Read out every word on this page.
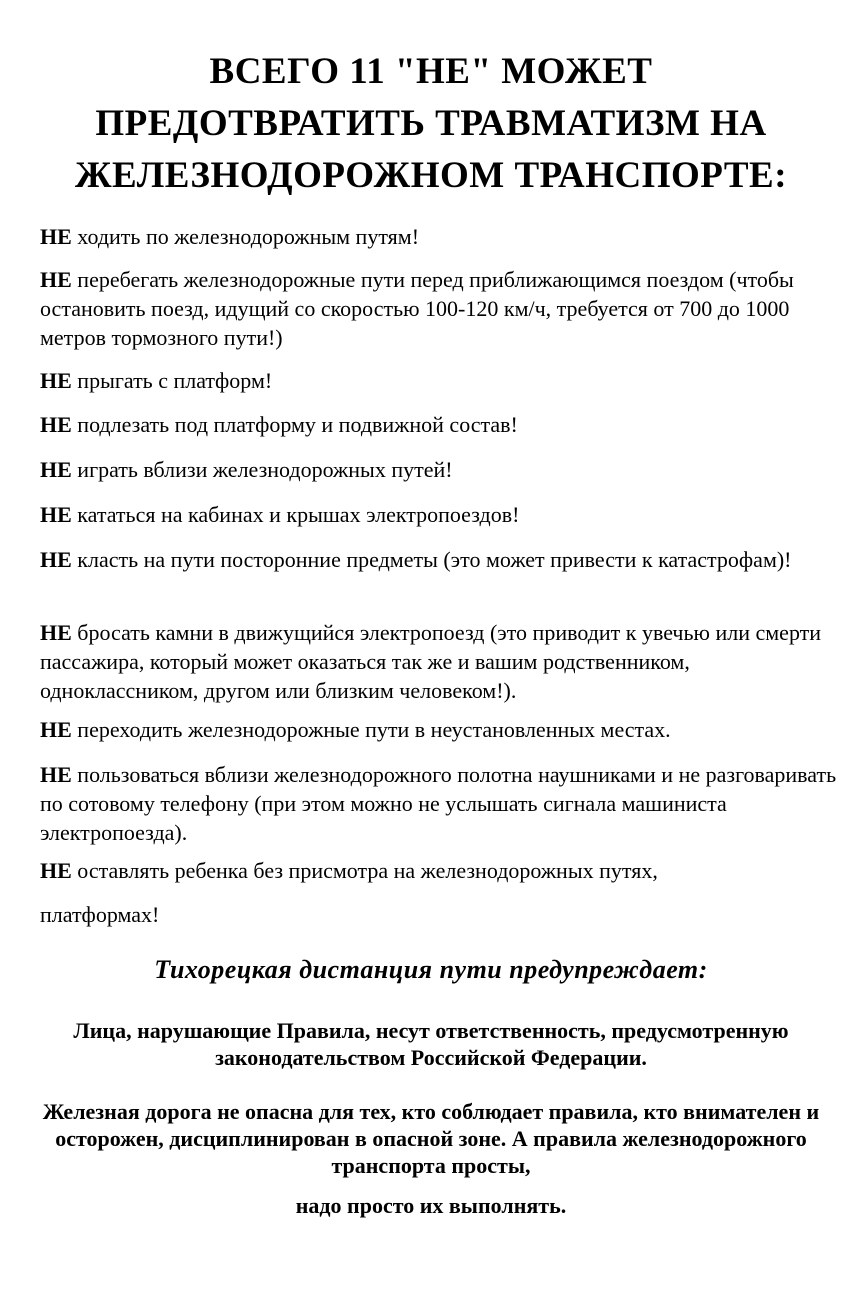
ВСЕГО 11 "НЕ" МОЖЕТ ПРЕДОТВРАТИТЬ ТРАВМАТИЗМ НА ЖЕЛЕЗНОДОРОЖНОМ ТРАНСПОРТЕ:
НЕ ходить по железнодорожным путям!
НЕ перебегать железнодорожные пути перед приближающимся поездом (чтобы остановить поезд, идущий со скоростью 100-120 км/ч, требуется от 700 до 1000 метров тормозного пути!)
НЕ прыгать с платформ!
НЕ подлезать под платформу и подвижной состав!
НЕ играть вблизи железнодорожных путей!
НЕ кататься на кабинах и крышах электропоездов!
НЕ класть на пути посторонние предметы (это может привести к катастрофам)!
НЕ бросать камни в движущийся электропоезд (это приводит к увечью или смерти пассажира, который может оказаться так же и вашим родственником, одноклассником, другом или близким человеком!).
НЕ переходить железнодорожные пути в неустановленных местах.
НЕ пользоваться вблизи железнодорожного полотна наушниками и не разговаривать по сотовому телефону (при этом можно не услышать сигнала машиниста электропоезда).
НЕ оставлять ребенка без присмотра на железнодорожных путях,
платформах!
Тихорецкая дистанция пути предупреждает:
Лица, нарушающие Правила, несут ответственность, предусмотренную законодательством Российской Федерации.
Железная дорога не опасна для тех, кто соблюдает правила, кто внимателен и осторожен, дисциплинирован в опасной зоне. А правила железнодорожного транспорта просты,
надо просто их выполнять.
